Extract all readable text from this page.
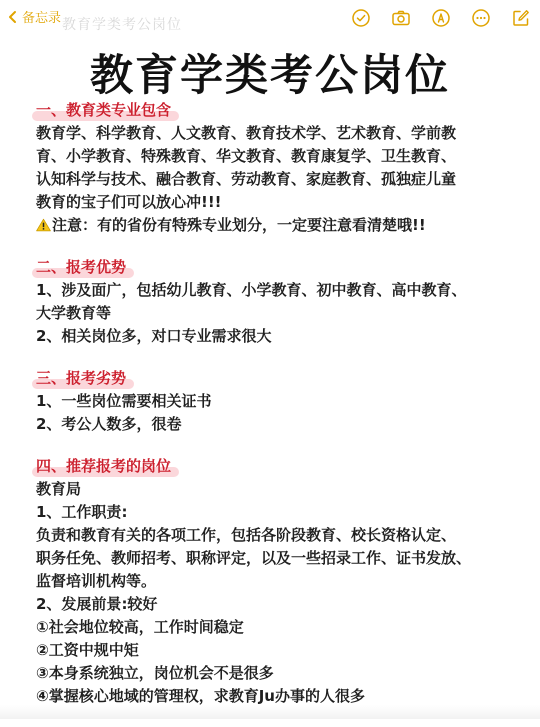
备忘录 教育学类考公岗位
教育学类考公岗位
一、教育类专业包含
教育学、科学教育、人文教育、教育技术学、艺术教育、学前教
育、小学教育、特殊教育、华文教育、教育康复学、卫生教育、
认知科学与技术、融合教育、劳动教育、家庭教育、孤独症儿童
教育的宝子们可以放心冲!!!
注意：有的省份有特殊专业划分，一定要注意看清楚哦!!
二、报考优势
1、涉及面广，包括幼儿教育、小学教育、初中教育、高中教育、
大学教育等
2、相关岗位多，对口专业需求很大
三、报考劣势
1、一些岗位需要相关证书
2、考公人数多，很卷
四、推荐报考的岗位
教育局
1、工作职责:
负责和教育有关的各项工作，包括各阶段教育、校长资格认定、
职务任免、教师招考、职称评定，以及一些招录工作、证书发放、
监督培训机构等。
2、发展前景:较好
①社会地位较高，工作时间稳定
②工资中规中矩
③本身系统独立，岗位机会不是很多
④掌握核心地域的管理权，求教育Ju办事的人很多
